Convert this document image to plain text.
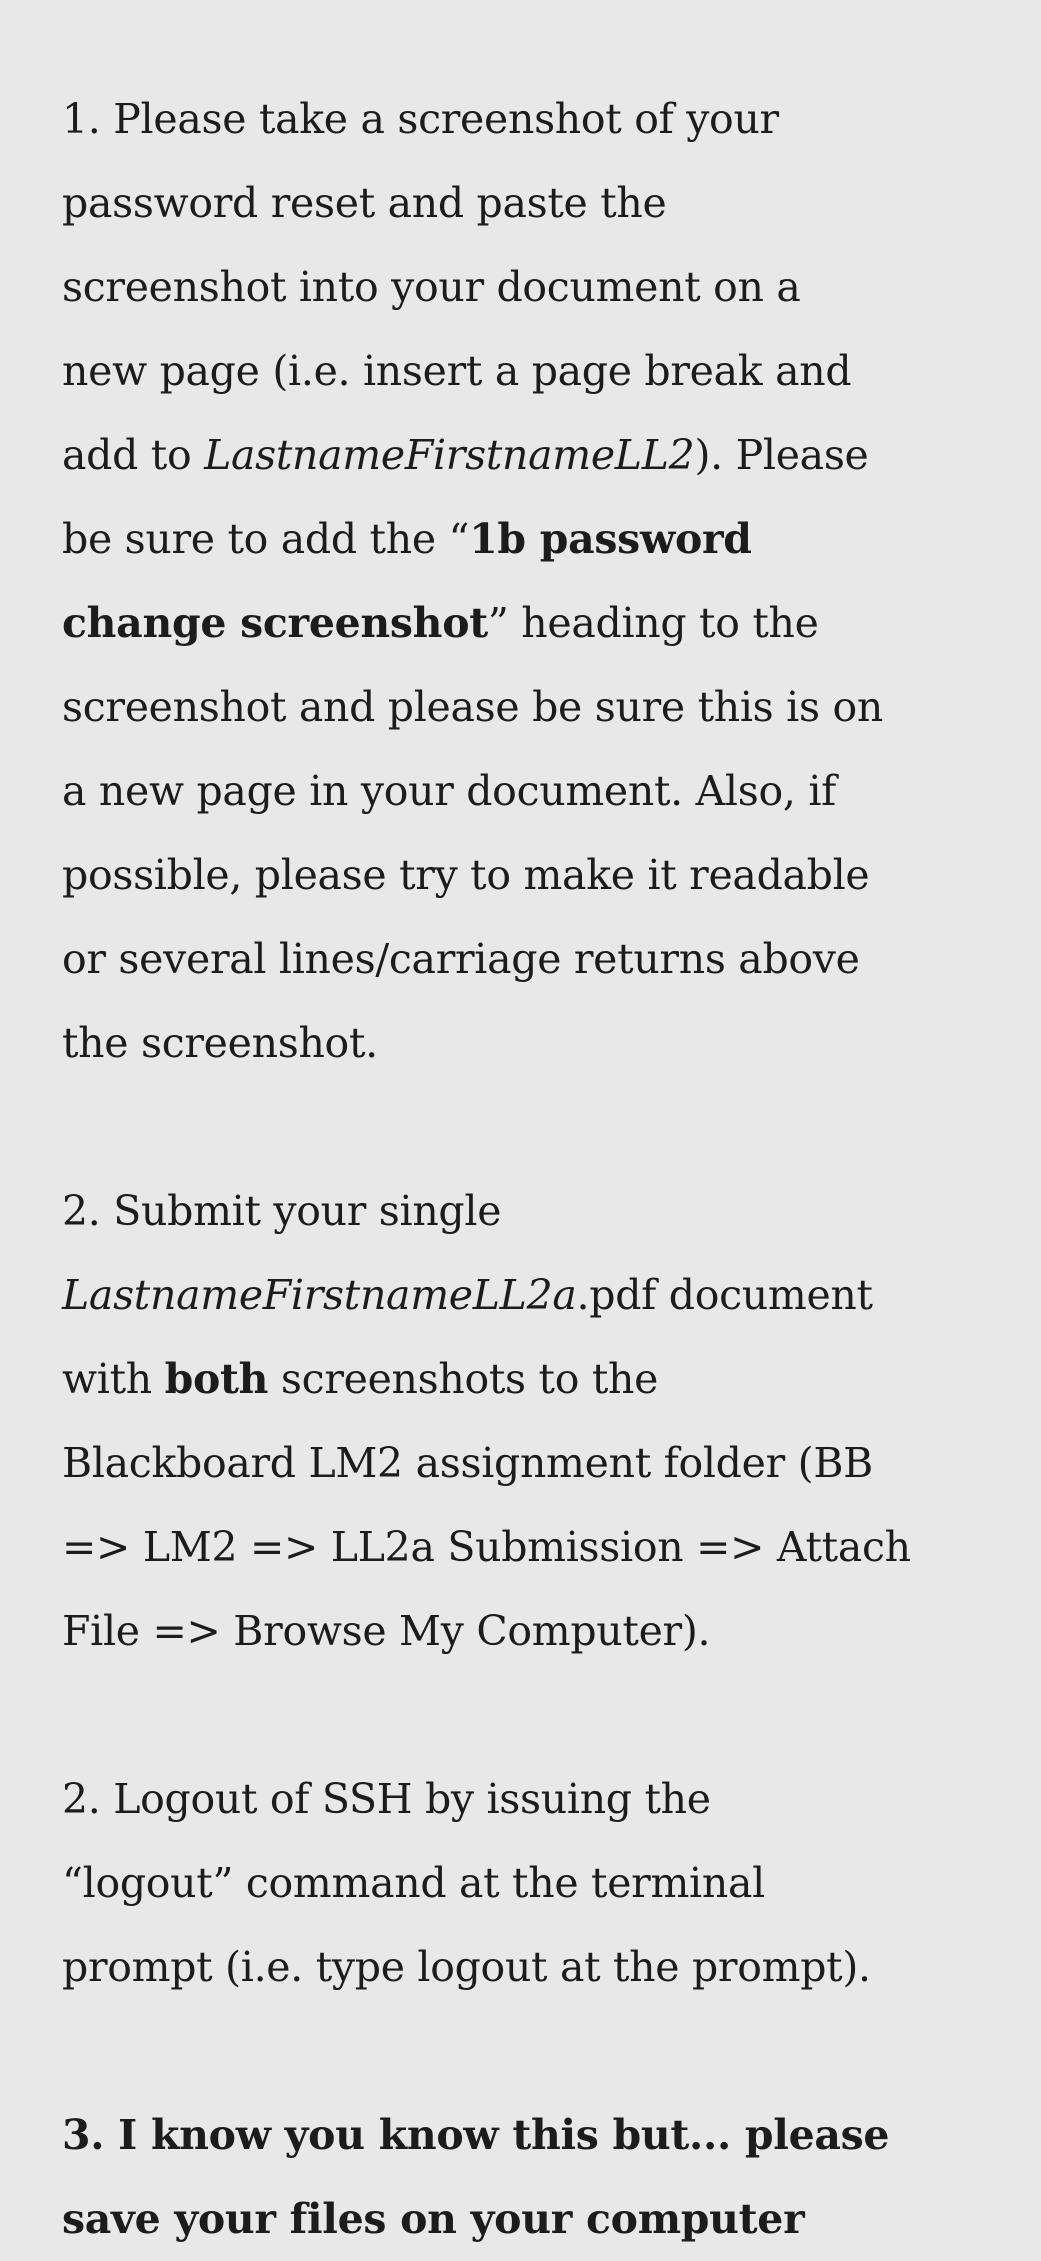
1. Please take a screenshot of your
password reset and paste the
screenshot into your document on a
new page (i.e. insert a page break and
add to LastnameFirstnameLL2). Please
be sure to add the “1b password
change screenshot” heading to the
screenshot and please be sure this is on
a new page in your document. Also, if
possible, please try to make it readable
or several lines/carriage returns above
the screenshot.
2. Submit your single
LastnameFirstnameLL2a.pdf document
with both screenshots to the
Blackboard LM2 assignment folder (BB
=> LM2 => LL2a Submission => Attach
File => Browse My Computer).
2. Logout of SSH by issuing the
“logout” command at the terminal
prompt (i.e. type logout at the prompt).
3. I know you know this but... please
save your files on your computer
